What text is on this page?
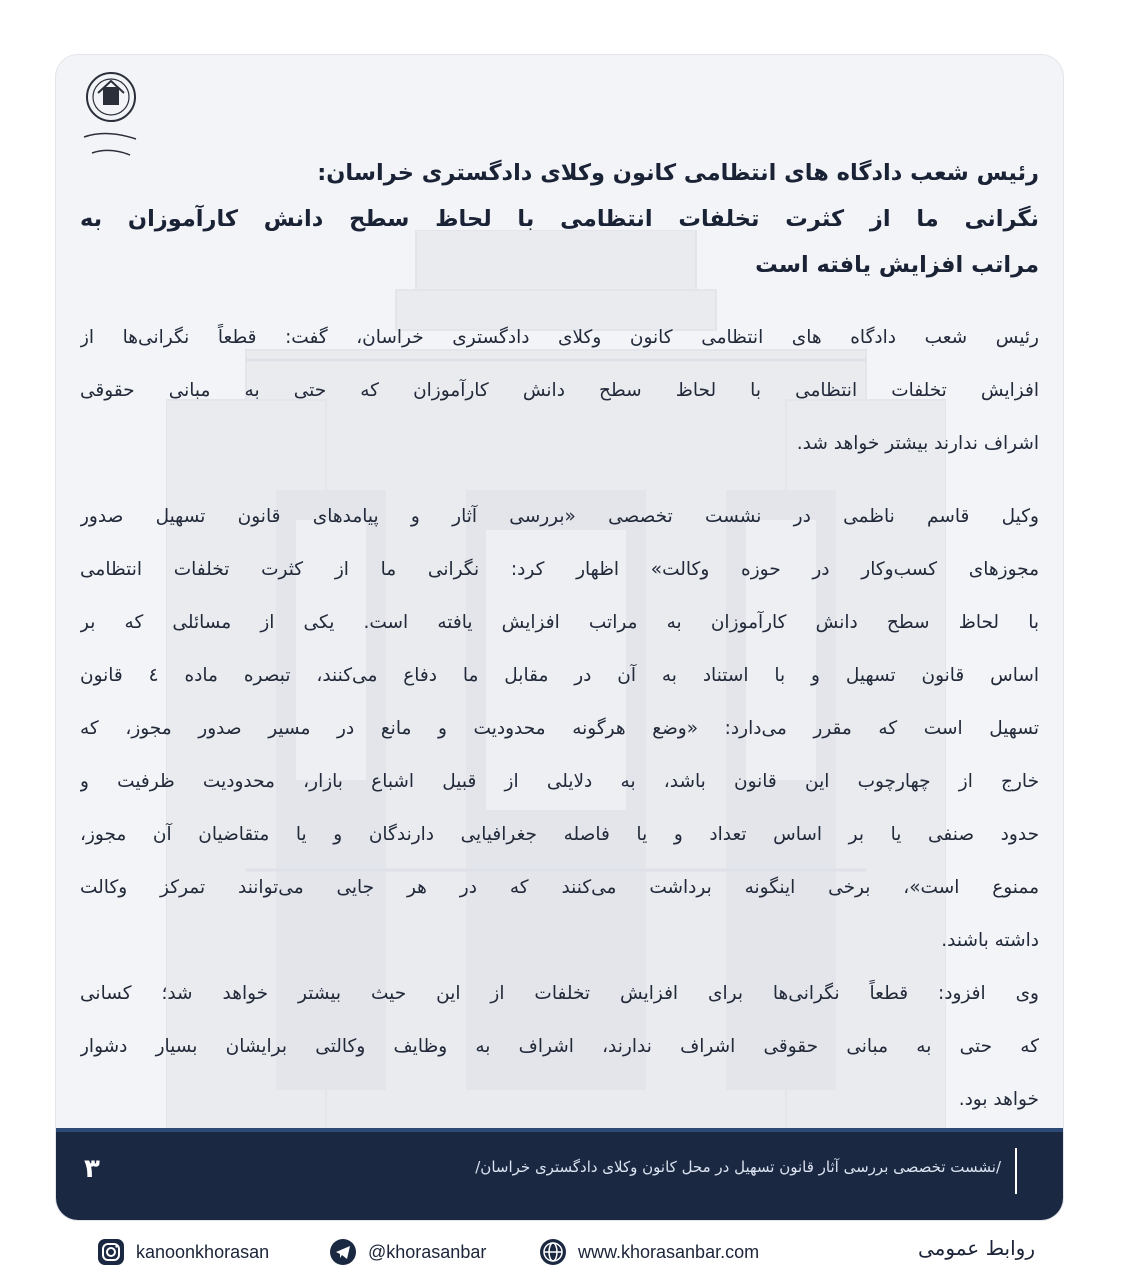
رئیس شعب دادگاه های انتظامی کانون وکلای دادگستری خراسان:
نگرانی ما از کثرت تخلفات انتظامی با لحاظ سطح دانش کارآموزان به
مراتب افزایش یافته است
رئیس شعب دادگاه های انتظامی کانون وکلای دادگستری خراسان، گفت: قطعاً نگرانی‌ها از
افزایش تخلفات انتظامی با لحاظ سطح دانش کارآموزان که حتی به مبانی حقوقی
اشراف ندارند بیشتر خواهد شد.
وکیل قاسم ناظمی در نشست تخصصی «بررسی آثار و پیامدهای قانون تسهیل صدور
مجوزهای کسب‌وکار در حوزه وکالت» اظهار کرد: نگرانی ما از کثرت تخلفات انتظامی
با لحاظ سطح دانش کارآموزان به مراتب افزایش یافته است. یکی از مسائلی که بر
اساس قانون تسهیل و با استناد به آن در مقابل ما دفاع می‌کنند، تبصره ماده ٤ قانون
تسهیل است که مقرر می‌دارد: «وضع هرگونه محدودیت و مانع در مسیر صدور مجوز، که
خارج از چهارچوب این قانون باشد، به دلایلی از قبیل اشباع بازار، محدودیت ظرفیت و
حدود صنفی یا بر اساس تعداد و یا فاصله جغرافیایی دارندگان و یا متقاضیان آن مجوز،
ممنوع است»، برخی اینگونه برداشت می‌کنند که در هر جایی می‌توانند تمرکز وکالت
داشته باشند.
وی افزود: قطعاً نگرانی‌ها برای افزایش تخلفات از این حیث بیشتر خواهد شد؛ کسانی
که حتی به مبانی حقوقی اشراف ندارند، اشراف به وظایف وکالتی برایشان بسیار دشوار
خواهد بود.
۳	/نشست تخصصی بررسی آثار قانون تسهیل در محل کانون وکلای دادگستری خراسان/
kanoonkhorasan	@khorasanbar	www.khorasanbar.com	روابط عمومی
